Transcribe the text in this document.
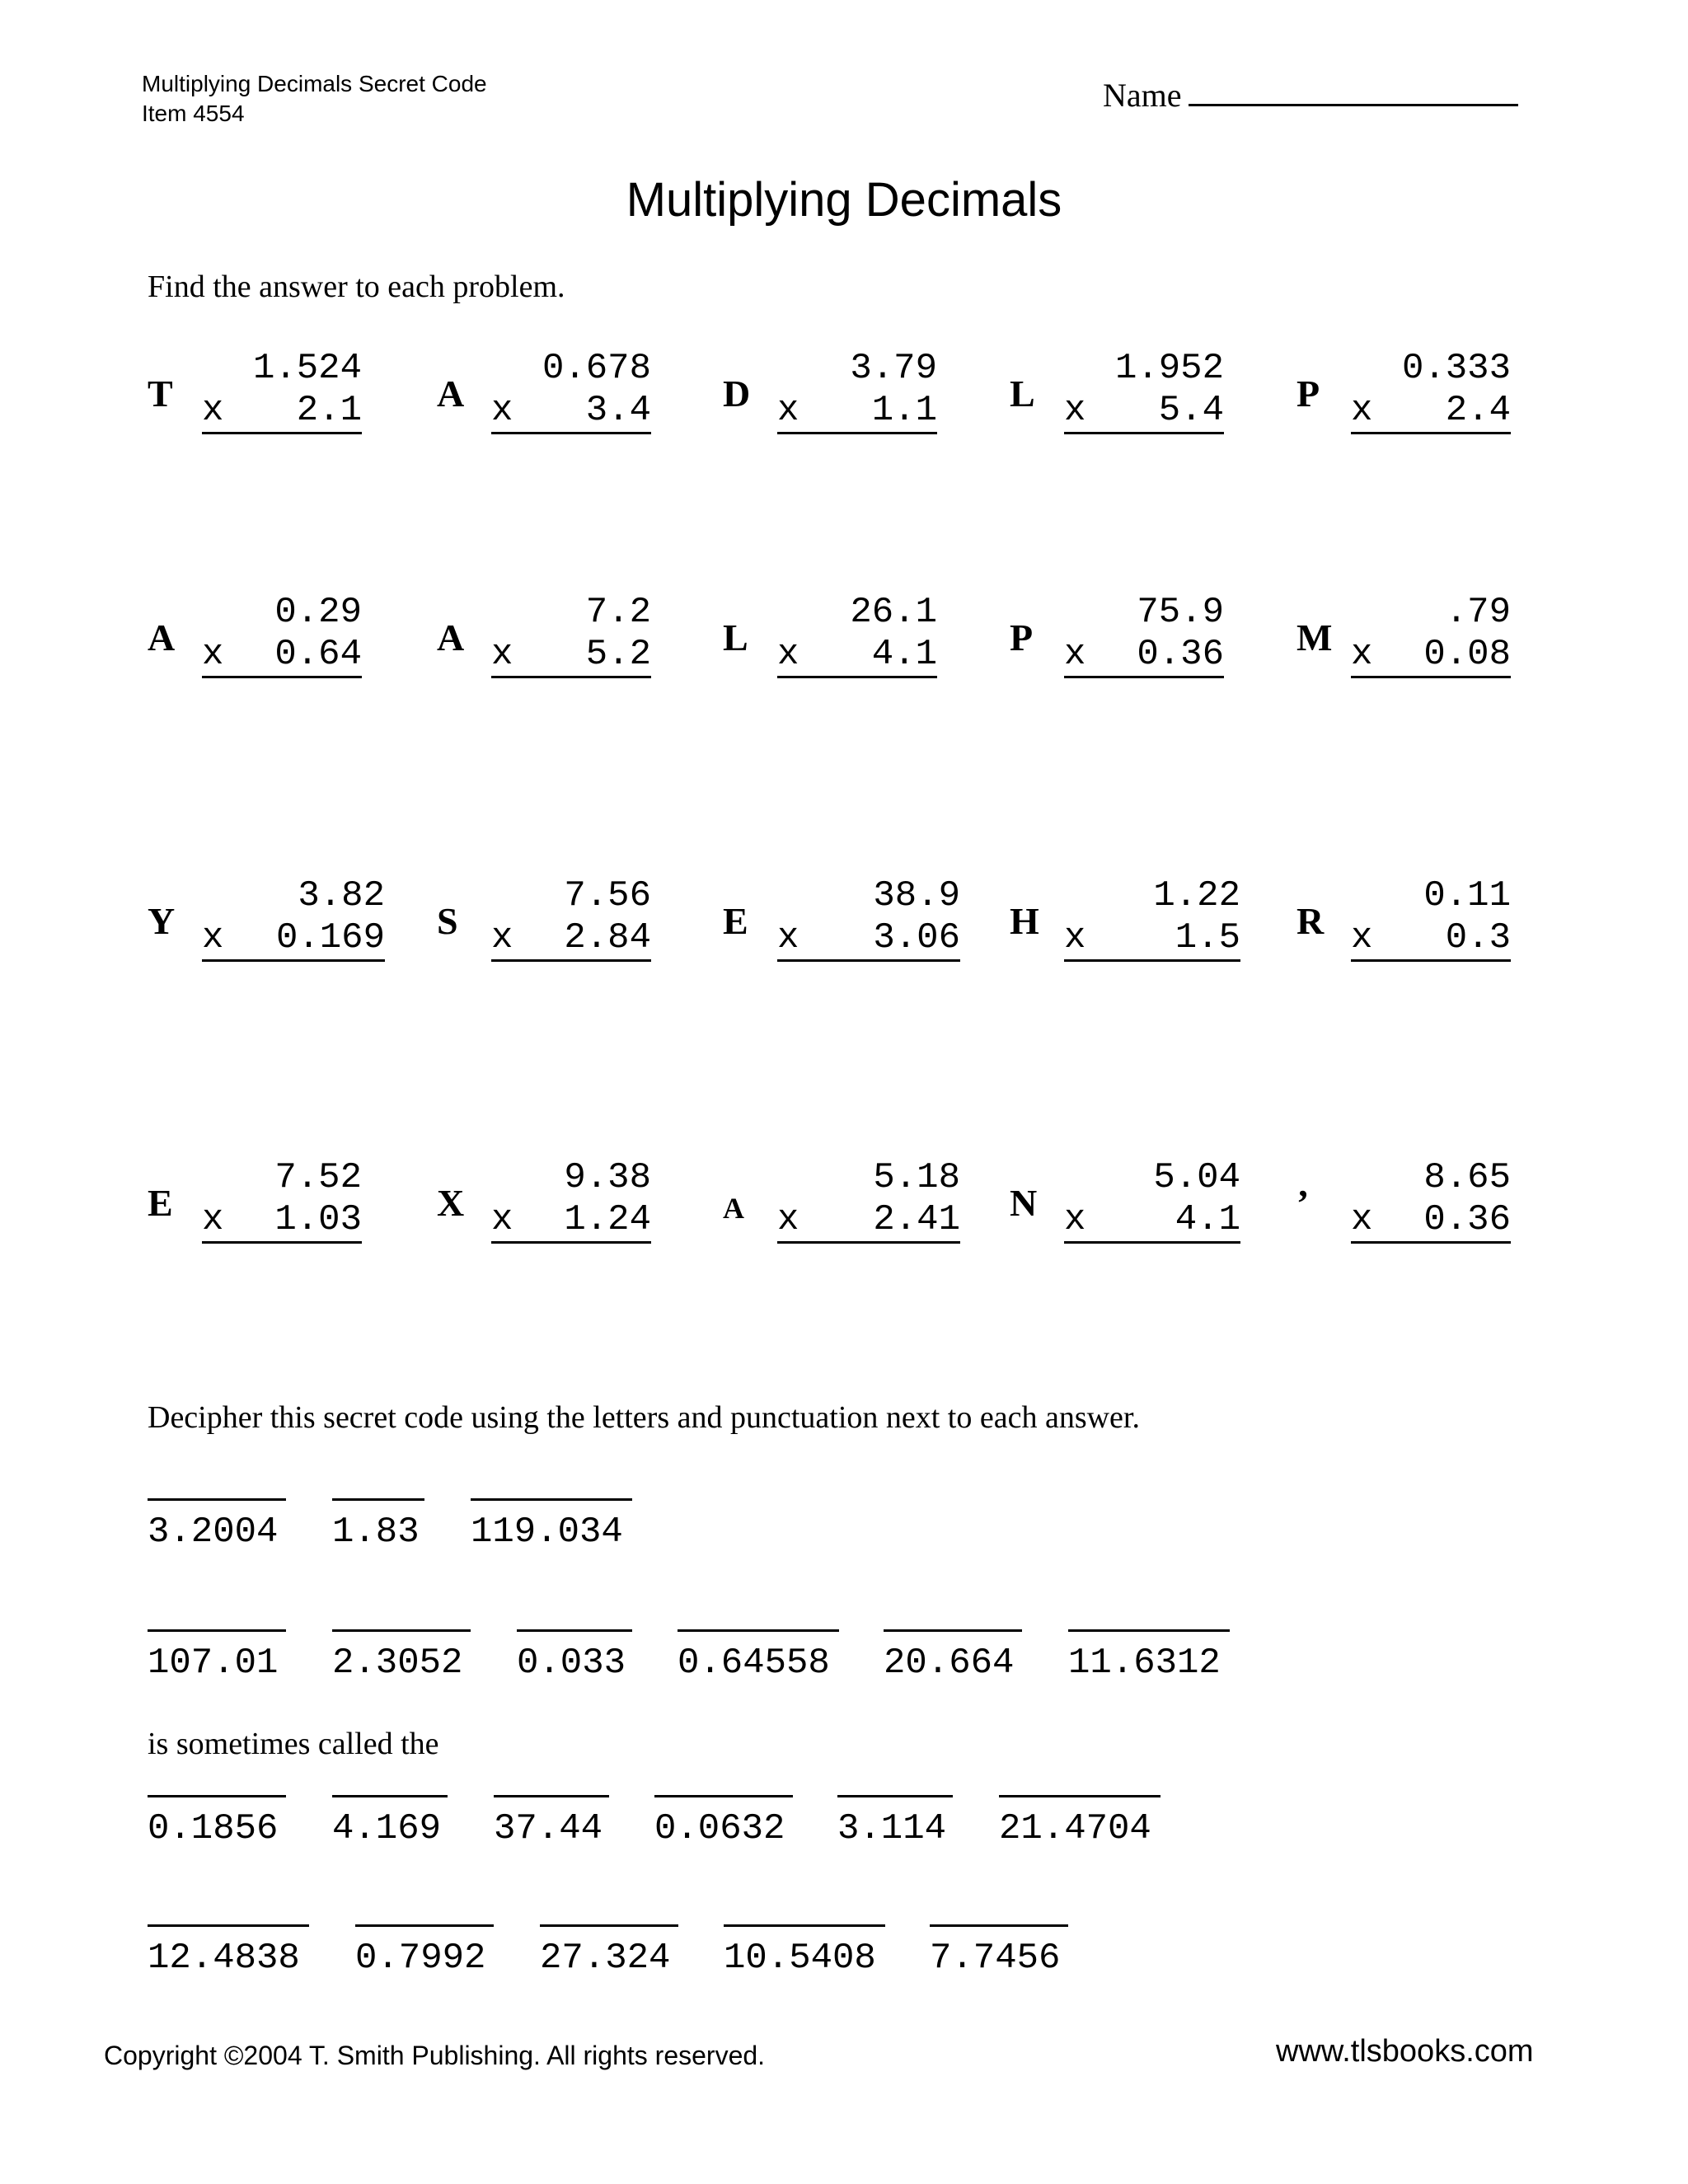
Multiplying Decimals Secret Code
Item 4554	Name
Multiplying Decimals
Find the answer to each problem.
T
1.524
x 2.1 A
0.678
x 3.4 D
3.79
x 1.1 L
1.952
x 5.4 P
0.333
x 2.4
A
0.29
x 0.64 A
7.2
x 5.2 L
26.1
x 4.1 P
75.9
x 0.36 M
.79
x 0.08
Y
3.82
x 0.169 S
7.56
x 2.84 E
38.9
x 3.06 H
1.22
x 1.5 R
0.11
x 0.3
E
7.52
x 1.03 X
9.38
x 1.24 A
5.18
x 2.41 N
5.04
x 4.1 ’
8.65
x 0.36
Decipher this secret code using the letters and punctuation next to each answer.
3.2004 1.83 119.034
107.01 2.3052 0.033 0.64558 20.664 11.6312
0.1856 4.169 37.44 0.0632 3.114 21.4704
12.4838 0.7992 27.324 10.5408 7.7456
is sometimes called the
Copyright ©2004 T. Smith Publishing. All rights reserved.	www.tlsbooks.com
